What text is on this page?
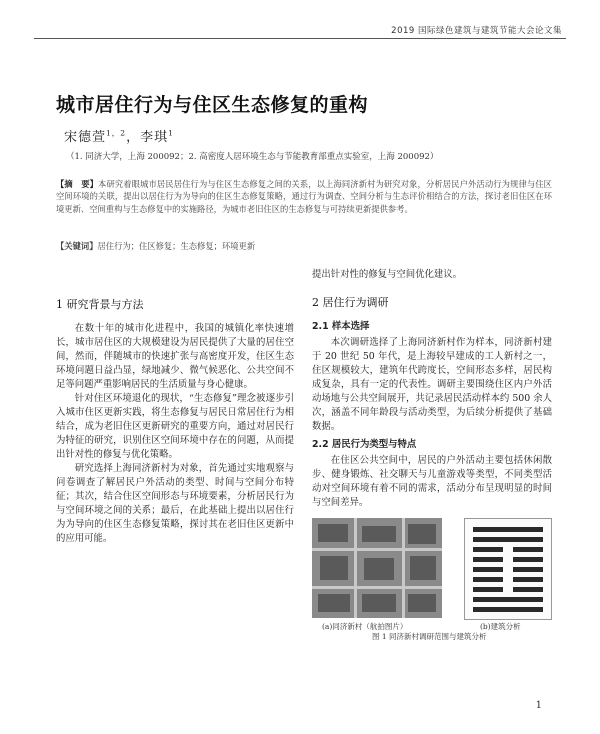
2019 国际绿色建筑与建筑节能大会论文集
城市居住行为与住区生态修复的重构
宋德萱$^{1,2}$，李琪$^1$
（1. 同济大学，上海 200092；2. 高密度人居环境生态与节能教育部重点实验室，上海 200092）
【摘　要】本研究着眼城市居民居住行为与住区生态修复之间的关系，以上海同济新村为研究对象，分析居民户外活动行为规律与住区空间环境的关联，提出以居住行为为导向的住区生态修复策略，通过行为调查、空间分析与生态评价相结合的方法，探讨老旧住区在环境更新、空间重构与生态修复中的实施路径，为城市老旧住区的生态修复与可持续更新提供参考。
【关键词】居住行为；住区修复；生态修复；环境更新
1 研究背景与方法

在数十年的城市化进程中，我国的城镇化率快速增长，城市居住区的大规模建设为居民提供了大量的居住空间，然而，伴随城市的快速扩张与高密度开发，住区生态环境问题日益凸显，绿地减少、微气候恶化、公共空间不足等问题严重影响居民的生活质量与身心健康。

针对住区环境退化的现状，“生态修复”理念被逐步引入城市住区更新实践，将生态修复与居民日常居住行为相结合，成为老旧住区更新研究的重要方向，通过对居民行为特征的研究，识别住区空间环境中存在的问题，从而提出针对性的修复与优化策略。

研究选择上海同济新村为对象，首先通过实地观察与问卷调查了解居民户外活动的类型、时间与空间分布特征；其次，结合住区空间形态与环境要素，分析居民行为与空间环境之间的关系；最后，在此基础上提出以居住行为为导向的住区生态修复策略，探讨其在老旧住区更新中的应用可能。

提出针对性的修复与空间优化建议。

2 居住行为调研
2.1 样本选择

本次调研选择了上海同济新村作为样本，同济新村建于 20 世纪 50 年代，是上海较早建成的工人新村之一，住区规模较大，建筑年代跨度长，空间形态多样，居民构成复杂，具有一定的代表性。调研主要围绕住区内户外活动场地与公共空间展开，共记录居民活动样本约 500 余人次，涵盖不同年龄段与活动类型，为后续分析提供了基础数据。

2.2 居民行为类型与特点

在住区公共空间中，居民的户外活动主要包括休闲散步、健身锻炼、社交聊天与儿童游戏等类型，不同类型活动对空间环境有着不同的需求，活动分布呈现明显的时间与空间差异。

(a)同济新村（航拍图片）	(b)建筑分析
图 1 同济新村调研范围与建筑分析
1
